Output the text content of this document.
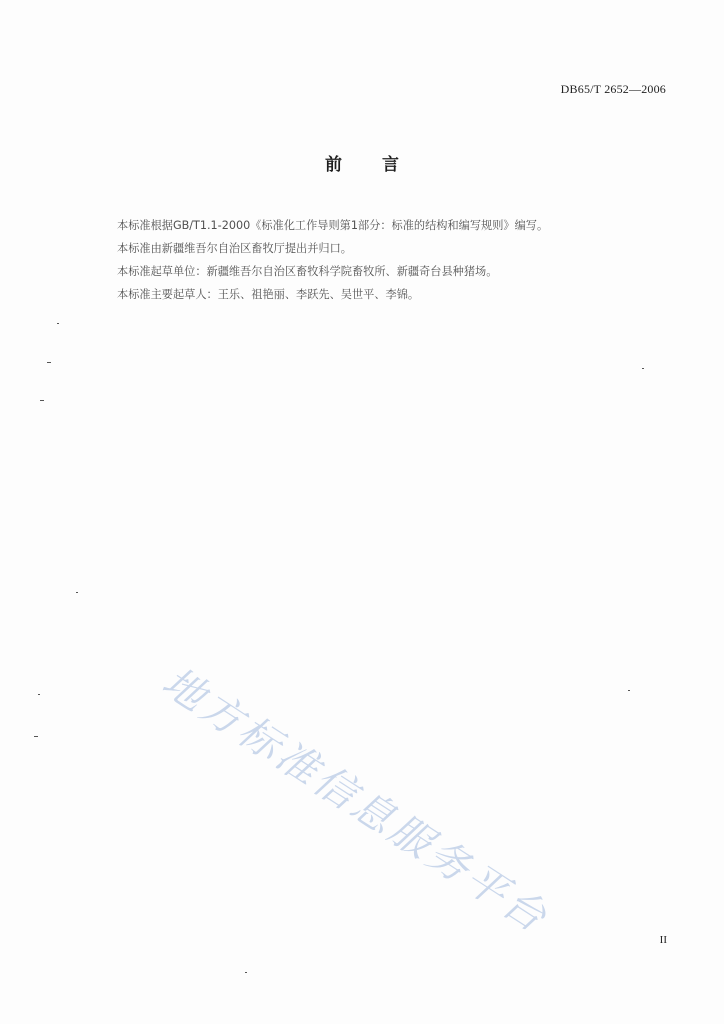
DB65/T 2652—2006
前 言

本标准根据GB/T1.1-2000《标准化工作导则第1部分：标准的结构和编写规则》编写。

本标准由新疆维吾尔自治区畜牧厅提出并归口。

本标准起草单位：新疆维吾尔自治区畜牧科学院畜牧所、新疆奇台县种猪场。

本标准主要起草人：王乐、祖艳丽、李跃先、吴世平、李锦。

地方标准信息服务平台	II
